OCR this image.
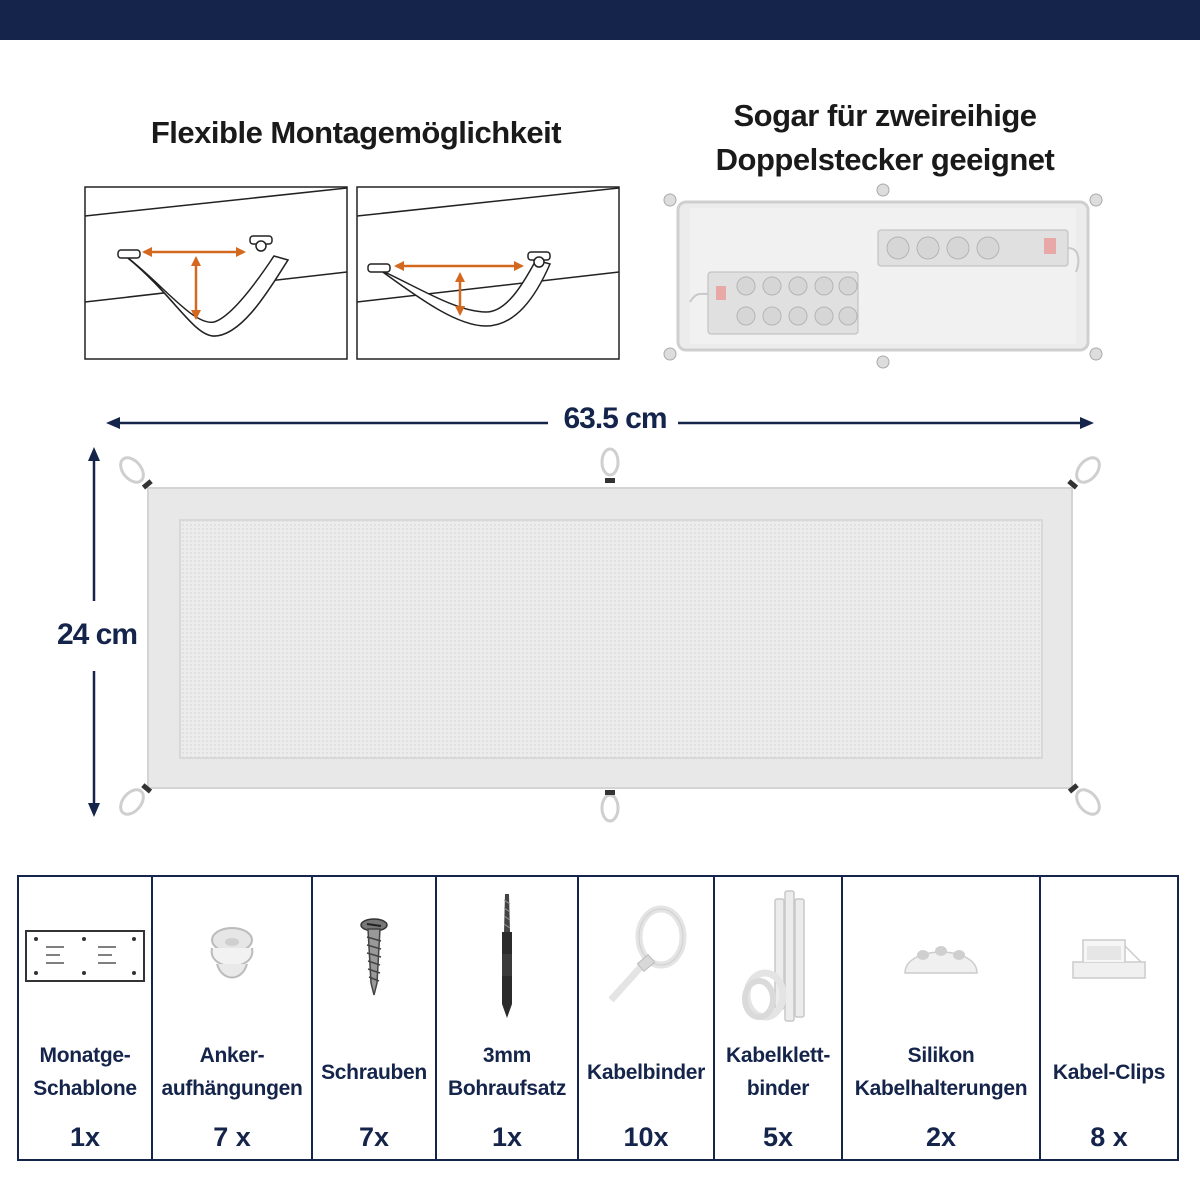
Flexible Montagemöglichkeit	Sogar für zweireihige
Doppelstecker geeignet
63.5 cm
24 cm
Monatge-
Schablone
1x
Anker-
aufhängungen
7 x
Schrauben
7x
3mm
Bohraufsatz
1x
Kabelbinder
10x
Kabelklett-
binder
5x
Silikon
Kabelhalterungen
2x
Kabel-Clips
8 x
